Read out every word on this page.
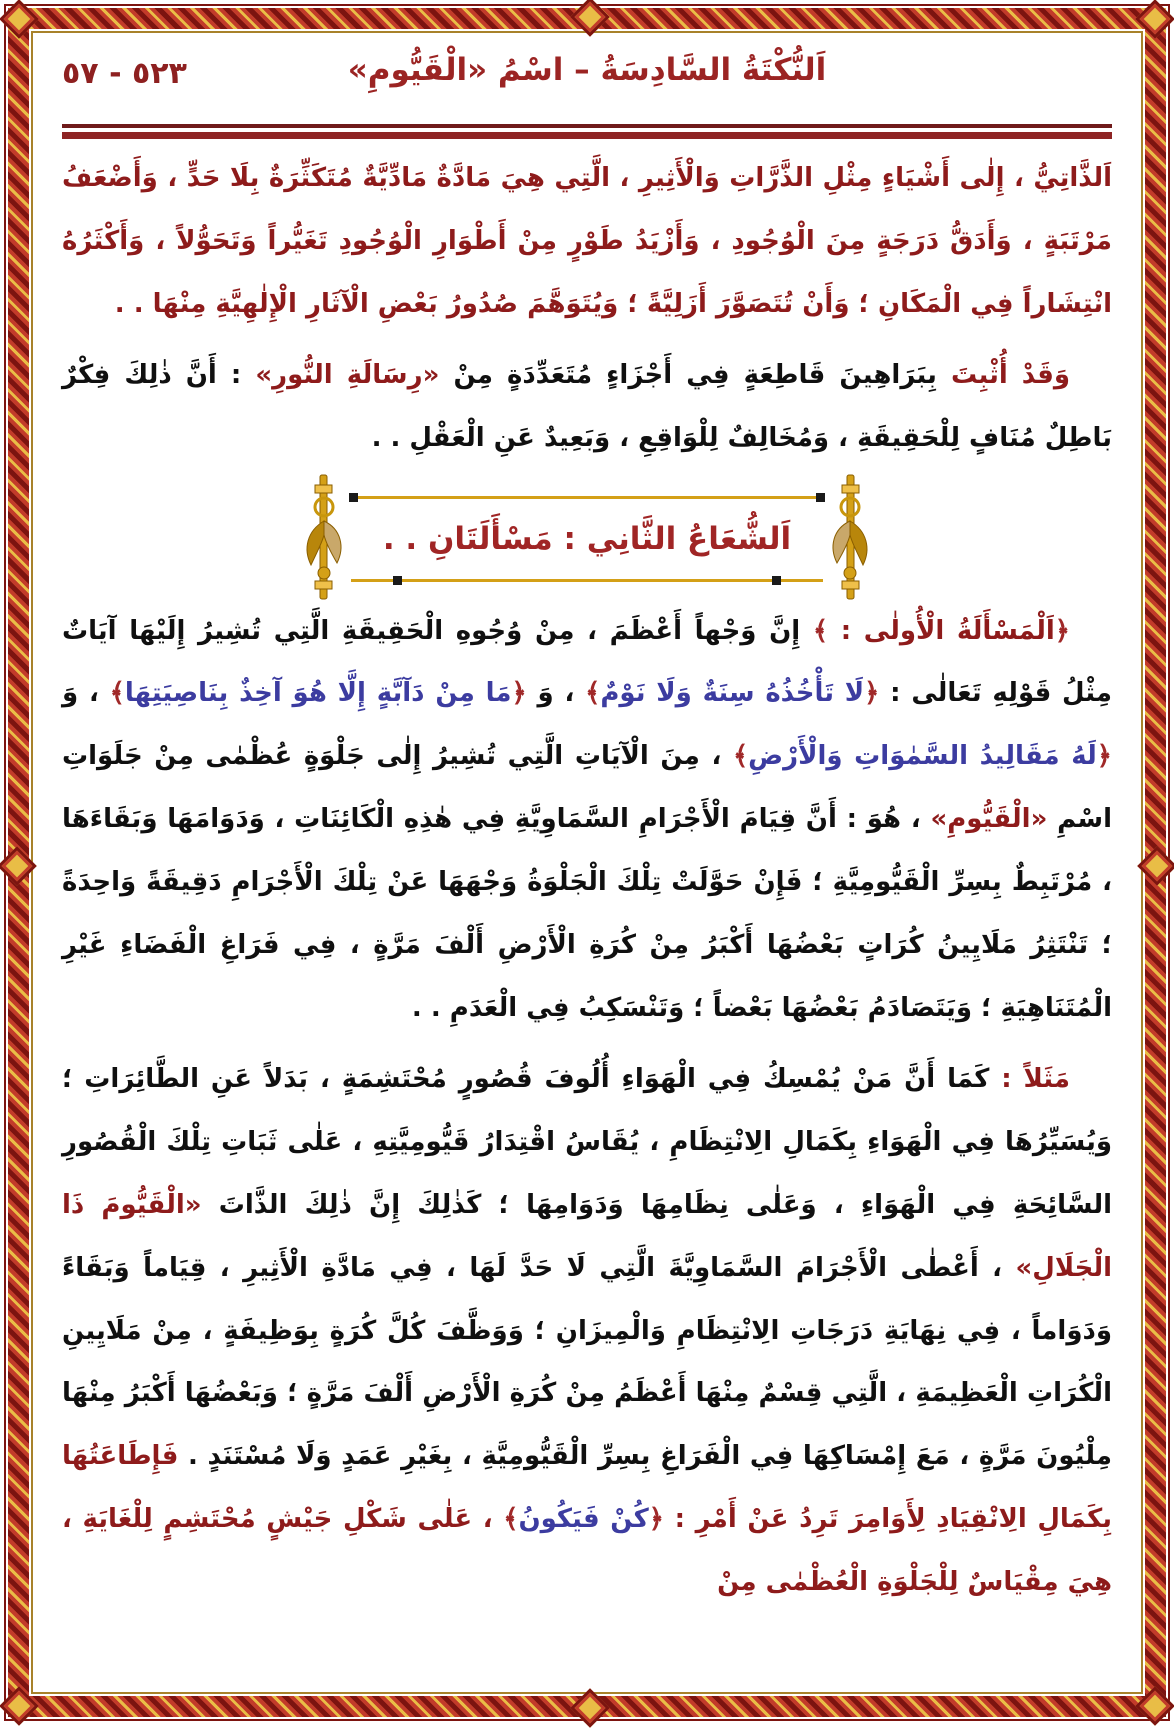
٥٢٣ - ٥٧	اَلنُّكْتَةُ السَّادِسَةُ – اسْمُ «الْقَيُّومِ»

اَلذَّاتِيُّ ، إِلٰى أَشْيَاءٍ مِثْلِ الذَّرَّاتِ وَالْأَثِيرِ ، الَّتِي هِيَ مَادَّةٌ مَادِّيَّةٌ مُتَكَثِّرَةٌ بِلَا حَدٍّ ، وَأَضْعَفُ مَرْتَبَةٍ ، وَأَدَقُّ دَرَجَةٍ مِنَ الْوُجُودِ ، وَأَزْيَدُ طَوْرٍ مِنْ أَطْوَارِ الْوُجُودِ تَغَيُّراً وَتَحَوُّلاً ، وَأَكْثَرُهُ انْتِشَاراً فِي الْمَكَانِ ؛ وَأَنْ تُتَصَوَّرَ أَزَلِيَّةً ؛ وَيُتَوَهَّمَ صُدُورُ بَعْضِ الْآثَارِ الْإِلٰهِيَّةِ مِنْهَا . .

وَقَدْ أُثْبِتَ بِبَرَاهِينَ قَاطِعَةٍ فِي أَجْزَاءٍ مُتَعَدِّدَةٍ مِنْ «رِسَالَةِ النُّورِ» : أَنَّ ذٰلِكَ فِكْرٌ بَاطِلٌ مُنَافٍ لِلْحَقِيقَةِ ، وَمُخَالِفٌ لِلْوَاقِعِ ، وَبَعِيدٌ عَنِ الْعَقْلِ . .

اَلشُّعَاعُ الثَّانِي : مَسْأَلَتَانِ . .

﴿اَلْمَسْأَلَةُ الْأُولٰى : ﴾ إِنَّ وَجْهاً أَعْظَمَ ، مِنْ وُجُوهِ الْحَقِيقَةِ الَّتِي تُشِيرُ إِلَيْهَا آيَاتٌ مِثْلُ قَوْلِهِ تَعَالٰى : ﴿لَا تَأْخُذُهُ سِنَةٌ وَلَا نَوْمٌ﴾ ، وَ ﴿مَا مِنْ دَآبَّةٍ إِلَّا هُوَ آخِذٌ بِنَاصِيَتِهَا﴾ ، وَ ﴿لَهُ مَقَالِيدُ السَّمٰوَاتِ وَالْأَرْضِ﴾ ، مِنَ الْآيَاتِ الَّتِي تُشِيرُ إِلٰى جَلْوَةٍ عُظْمٰى مِنْ جَلَوَاتِ اسْمِ «الْقَيُّومِ» ، هُوَ : أَنَّ قِيَامَ الْأَجْرَامِ السَّمَاوِيَّةِ فِي هٰذِهِ الْكَائِنَاتِ ، وَدَوَامَهَا وَبَقَاءَهَا ، مُرْتَبِطٌ بِسِرِّ الْقَيُّومِيَّةِ ؛ فَإِنْ حَوَّلَتْ تِلْكَ الْجَلْوَةُ وَجْهَهَا عَنْ تِلْكَ الْأَجْرَامِ دَقِيقَةً وَاحِدَةً ؛ تَنْتَثِرُ مَلَايِينُ كُرَاتٍ بَعْضُهَا أَكْبَرُ مِنْ كُرَةِ الْأَرْضِ أَلْفَ مَرَّةٍ ، فِي فَرَاغِ الْفَضَاءِ غَيْرِ الْمُتَنَاهِيَةِ ؛ وَيَتَصَادَمُ بَعْضُهَا بَعْضاً ؛ وَتَنْسَكِبُ فِي الْعَدَمِ . .

مَثَلاً : كَمَا أَنَّ مَنْ يُمْسِكُ فِي الْهَوَاءِ أُلُوفَ قُصُورٍ مُحْتَشِمَةٍ ، بَدَلاً عَنِ الطَّائِرَاتِ ؛ وَيُسَيِّرُهَا فِي الْهَوَاءِ بِكَمَالِ الِانْتِظَامِ ، يُقَاسُ اقْتِدَارُ قَيُّومِيَّتِهِ ، عَلٰى ثَبَاتِ تِلْكَ الْقُصُورِ السَّائِحَةِ فِي الْهَوَاءِ ، وَعَلٰى نِظَامِهَا وَدَوَامِهَا ؛ كَذٰلِكَ إِنَّ ذٰلِكَ الذَّاتَ «الْقَيُّومَ ذَا الْجَلَالِ» ، أَعْطٰى الْأَجْرَامَ السَّمَاوِيَّةَ الَّتِي لَا حَدَّ لَهَا ، فِي مَادَّةِ الْأَثِيرِ ، قِيَاماً وَبَقَاءً وَدَوَاماً ، فِي نِهَايَةِ دَرَجَاتِ الِانْتِظَامِ وَالْمِيزَانِ ؛ وَوَظَّفَ كُلَّ كُرَةٍ بِوَظِيفَةٍ ، مِنْ مَلَايِينِ الْكُرَاتِ الْعَظِيمَةِ ، الَّتِي قِسْمٌ مِنْهَا أَعْظَمُ مِنْ كُرَةِ الْأَرْضِ أَلْفَ مَرَّةٍ ؛ وَبَعْضُهَا أَكْبَرُ مِنْهَا مِلْيُونَ مَرَّةٍ ، مَعَ إِمْسَاكِهَا فِي الْفَرَاغِ بِسِرِّ الْقَيُّومِيَّةِ ، بِغَيْرِ عَمَدٍ وَلَا مُسْتَنَدٍ . فَإِطَاعَتُهَا بِكَمَالِ الِانْقِيَادِ لِأَوَامِرَ تَرِدُ عَنْ أَمْرِ : ﴿كُنْ فَيَكُونُ﴾ ، عَلٰى شَكْلِ جَيْشٍ مُحْتَشِمٍ لِلْغَايَةِ ، هِيَ مِقْيَاسٌ لِلْجَلْوَةِ الْعُظْمٰى مِنْ
